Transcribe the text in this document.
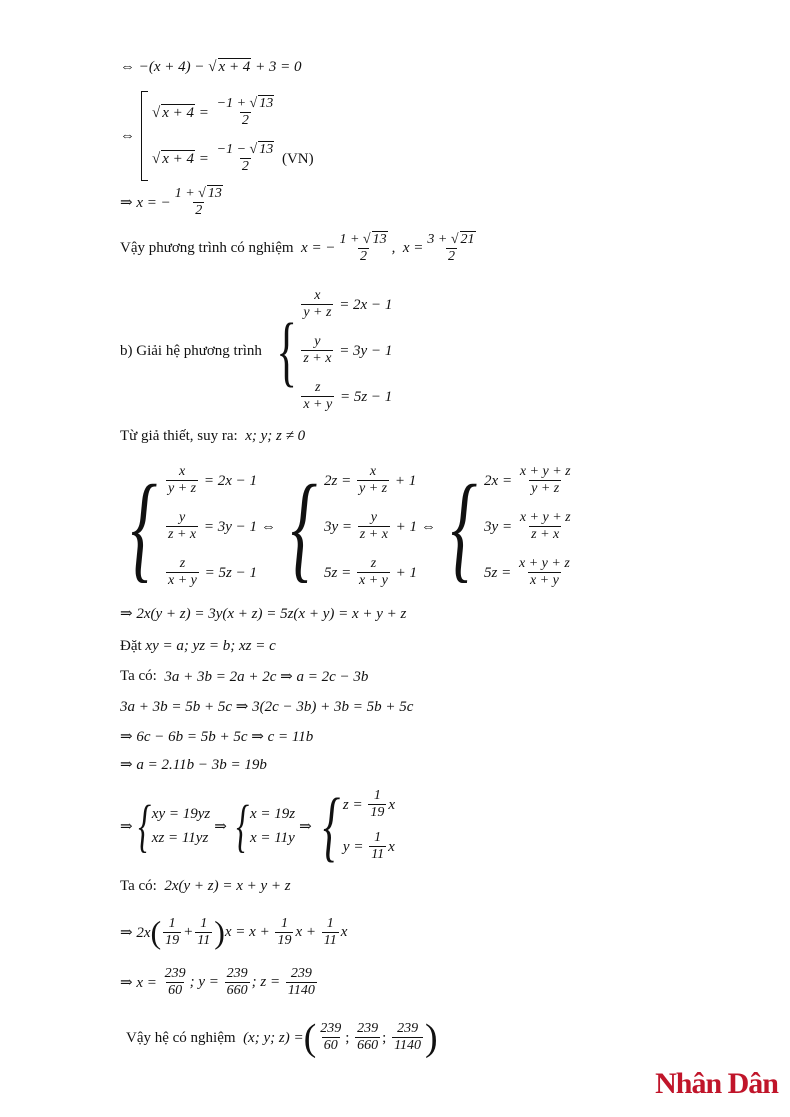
⇔ −( x + 4) − √ x + 4 + 3 = 0
⇔
√ x + 4 =
−1 + √ 13
2
√ x + 4 =
−1 − √ 13
2

(VN)
⇒ x = − $\frac{1 + √ 13}{2}$
Vậy phương trình có nghiệm x = − $\frac{1 + √ 13}{2}$ ,  $x = \frac{3 + √ 21}{2}$
b) Giải hệ phương trình {
x
y + z
= 2x − 1
y
z + x
= 3y − 1
z
x + y
= 5z − 1
Từ giả thiết, suy ra:
x; y; z ≠ 0
{ x
y + z
= 2x − 1
y
z + x
= 3y − 1
z
x + y
= 5z − 1
⇔ { 2z =
x
y + z
+ 1
3y =
y
z + x
+ 1
5z =
z
x + y
+ 1
⇔ { 2x =
x + y + z
y + z
3y =
x + y + z
z + x
5z =
x + y + z
x + y
⇒ 2x(y + z) = 3y(x + z) = 5z(x + y) = x + y + z
Đặt
xy = a; yz = b; xz = c
Ta có:
3a + 3b = 2a + 2c ⇒ a = 2c − 3b
3a + 3b = 5b + 5c ⇒ 3(2c − 3b) + 3b = 5b + 5c
⇒ 6c − 6b = 5b + 5c ⇒ c = 11b
⇒ a = 2.11b − 3b = 19b
⇒ { xy = 19yz
xz = 11yz
⇒ { x = 19z
x = 11y
⇒ { z =
1
19
x
y =
1
11
x
Ta có:
2x(y + z) = x + y + z
⇒ 2x ( 1
19
+ $\frac{1}{11}$ ) $x = x + \frac{1}{19}$ $x + \frac{1}{11}$ x
⇒ $x = \frac{239}{60}$ ; $y = \frac{239}{660}$ ; $z = \frac{239}{1140}$
Vậy hệ có nghiệm (x; y; z) = ( 239
60
;
239
660
;
239
1140 )
Nhân Dân
